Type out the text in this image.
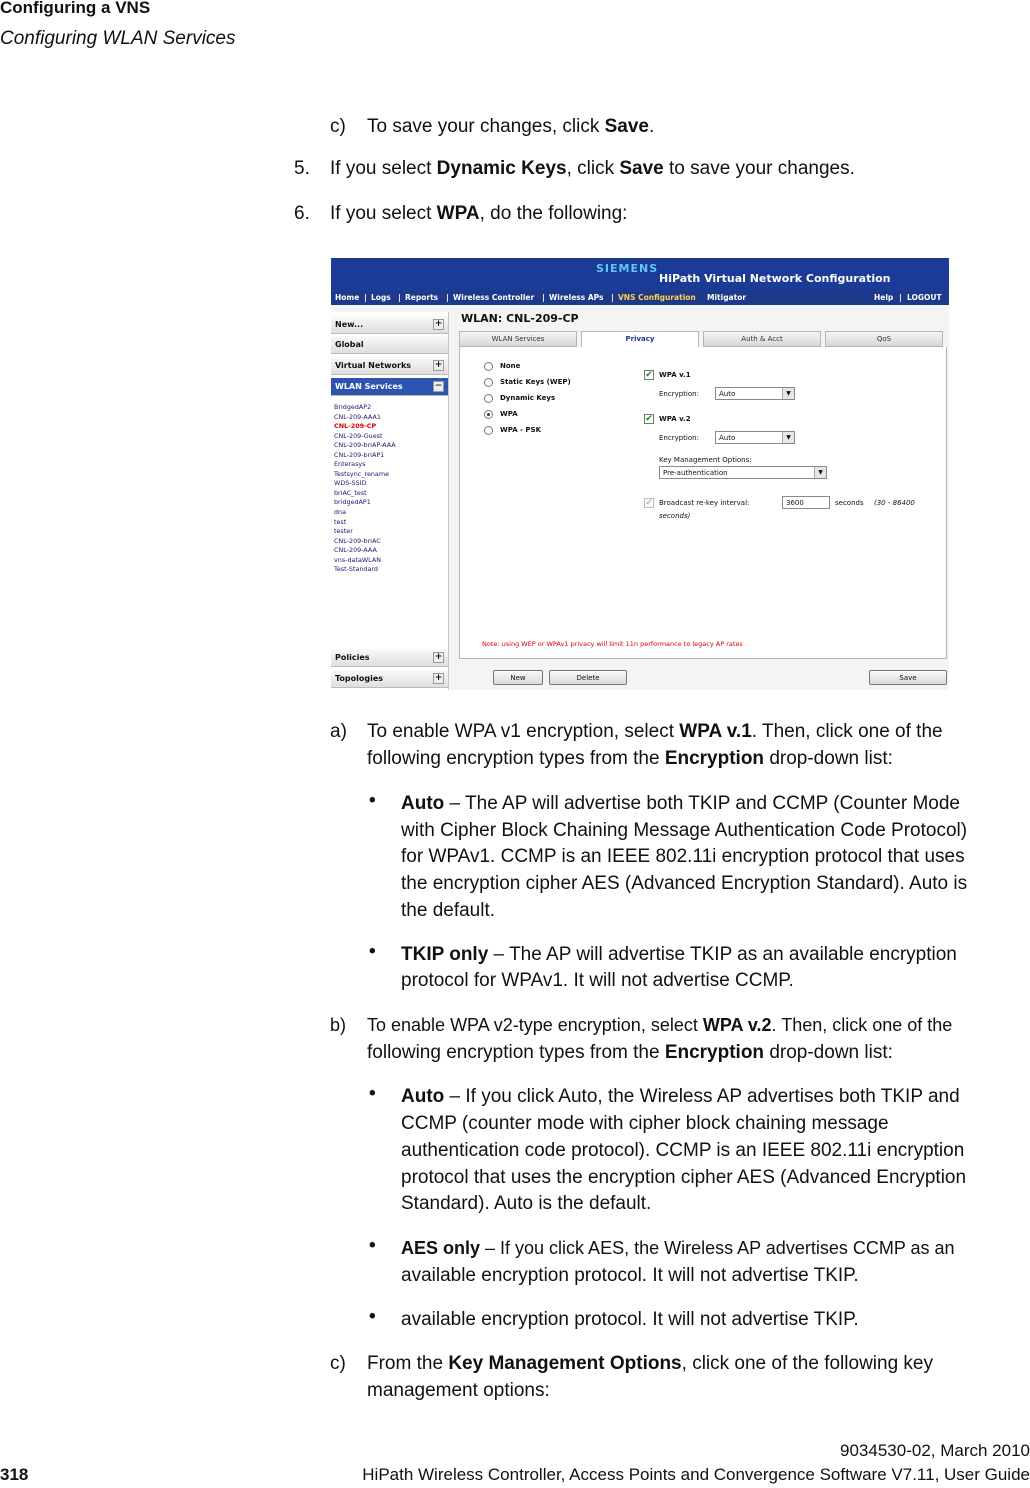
Configuring a VNS
Configuring WLAN Services
c) To save your changes, click Save.
5. If you select Dynamic Keys, click Save to save your changes.
6. If you select WPA, do the following:
SIEMENS
HiPath Virtual Network Configuration
Home | Logs | Reports | Wireless Controller | Wireless APs | VNS Configuration Mitigator	Help | LOGOUT
New...	+
Global
Virtual Networks	+
WLAN Services	−
BridgedAP2
CNL-209-AAA1
CNL-209-CP
CNL-209-Guest
CNL-209-briAP-AAA
CNL-209-briAP1
Enterasys
Testsync_rename
WDS-SSID
briAC_test
bridgedAP1
dna
test
tester
CNL-209-briAC
CNL-209-AAA
vns-dataWLAN
Test-Standard
Policies	+
Topologies	+
WLAN: CNL-209-CP
WLAN Services	Privacy	Auth & Acct	QoS
None
Static Keys (WEP)
Dynamic Keys
WPA
WPA - PSK
✔ WPA v.1
Encryption:	Auto	▼
✔ WPA v.2
Encryption:	Auto	▼
Key Management Options:
Pre-authentication	▼
✔ Broadcast re-key interval:	3600	seconds (30 - 86400
seconds)
Note: using WEP or WPAv1 privacy will limit 11n performance to legacy AP rates
New	Delete	Save
a) To enable WPA v1 encryption, select WPA v.1. Then, click one of the
following encryption types from the Encryption drop-down list:
• Auto – The AP will advertise both TKIP and CCMP (Counter Mode
with Cipher Block Chaining Message Authentication Code Protocol)
for WPAv1. CCMP is an IEEE 802.11i encryption protocol that uses
the encryption cipher AES (Advanced Encryption Standard). Auto is
the default.
• TKIP only – The AP will advertise TKIP as an available encryption
protocol for WPAv1. It will not advertise CCMP.
b) To enable WPA v2-type encryption, select WPA v.2. Then, click one of the
following encryption types from the Encryption drop-down list:
• Auto – If you click Auto, the Wireless AP advertises both TKIP and
CCMP (counter mode with cipher block chaining message
authentication code protocol). CCMP is an IEEE 802.11i encryption
protocol that uses the encryption cipher AES (Advanced Encryption
Standard). Auto is the default.
• AES only – If you click AES, the Wireless AP advertises CCMP as an
available encryption protocol. It will not advertise TKIP.
• available encryption protocol. It will not advertise TKIP.
c) From the Key Management Options, click one of the following key
management options:
9034530-02, March 2010
318	HiPath Wireless Controller, Access Points and Convergence Software V7.11, User Guide
